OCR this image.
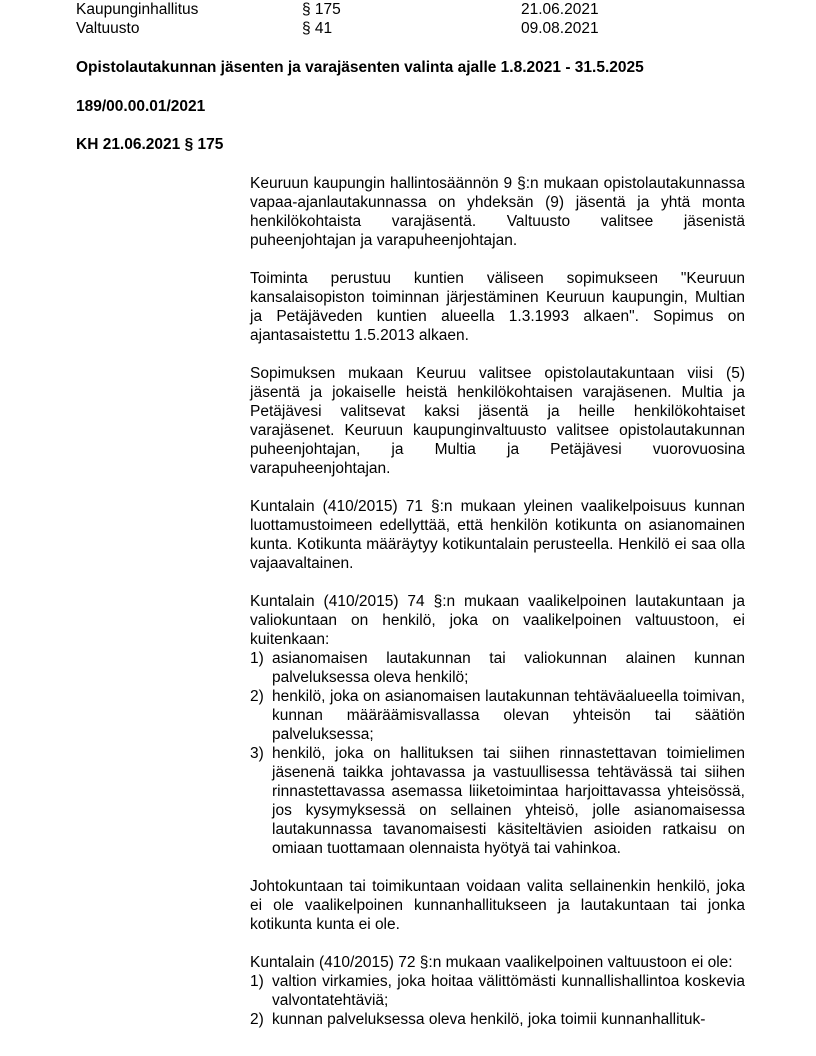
Kaupunginhallitus	§ 175	21.06.2021
Valtuusto	§ 41	09.08.2021
Opistolautakunnan jäsenten ja varajäsenten valinta ajalle 1.8.2021 - 31.5.2025
189/00.00.01/2021
KH 21.06.2021 § 175

Keuruun kaupungin hallintosäännön 9 §:n mukaan opistolautakunnassa vapaa-ajanlautakunnassa on yhdeksän (9) jäsentä ja yhtä monta henkilökohtaista varajäsentä. Valtuusto valitsee jäsenistä puheenjohtajan ja varapuheenjohtajan.

Toiminta perustuu kuntien väliseen sopimukseen "Keuruun kansalaisopiston toiminnan järjestäminen Keuruun kaupungin, Multian ja Petäjäveden kuntien alueella 1.3.1993 alkaen". Sopimus on ajantasaistettu 1.5.2013 alkaen.

Sopimuksen mukaan Keuruu valitsee opistolautakuntaan viisi (5) jäsentä ja jokaiselle heistä henkilökohtaisen varajäsenen. Multia ja Petäjävesi valitsevat kaksi jäsentä ja heille henkilökohtaiset varajäsenet. Keuruun kaupunginvaltuusto valitsee opistolautakunnan puheenjohtajan, ja Multia ja Petäjävesi vuorovuosina varapuheenjohtajan.

Kuntalain (410/2015) 71 §:n mukaan yleinen vaalikelpoisuus kunnan luottamustoimeen edellyttää, että henkilön kotikunta on asianomainen kunta. Kotikunta määräytyy kotikuntalain perusteella. Henkilö ei saa olla vajaavaltainen.

Kuntalain (410/2015) 74 §:n mukaan vaalikelpoinen lautakuntaan ja valiokuntaan on henkilö, joka on vaalikelpoinen valtuustoon, ei kuitenkaan:

1) asianomaisen lautakunnan tai valiokunnan alainen kunnan palveluksessa oleva henkilö;
2) henkilö, joka on asianomaisen lautakunnan tehtäväalueella toimivan, kunnan määräämisvallassa olevan yhteisön tai säätiön palveluksessa;
3) henkilö, joka on hallituksen tai siihen rinnastettavan toimielimen jäsenenä taikka johtavassa ja vastuullisessa tehtävässä tai siihen rinnastettavassa asemassa liiketoimintaa harjoittavassa yhteisössä, jos kysymyksessä on sellainen yhteisö, jolle asianomaisessa lautakunnassa tavanomaisesti käsiteltävien asioiden ratkaisu on omiaan tuottamaan olennaista hyötyä tai vahinkoa.

Johtokuntaan tai toimikuntaan voidaan valita sellainenkin henkilö, joka ei ole vaalikelpoinen kunnanhallitukseen ja lautakuntaan tai jonka kotikunta kunta ei ole.

Kuntalain (410/2015) 72 §:n mukaan vaalikelpoinen valtuustoon ei ole:

1) valtion virkamies, joka hoitaa välittömästi kunnallishallintoa koskevia valvontatehtäviä;
2) kunnan palveluksessa oleva henkilö, joka toimii kunnanhallituk-
